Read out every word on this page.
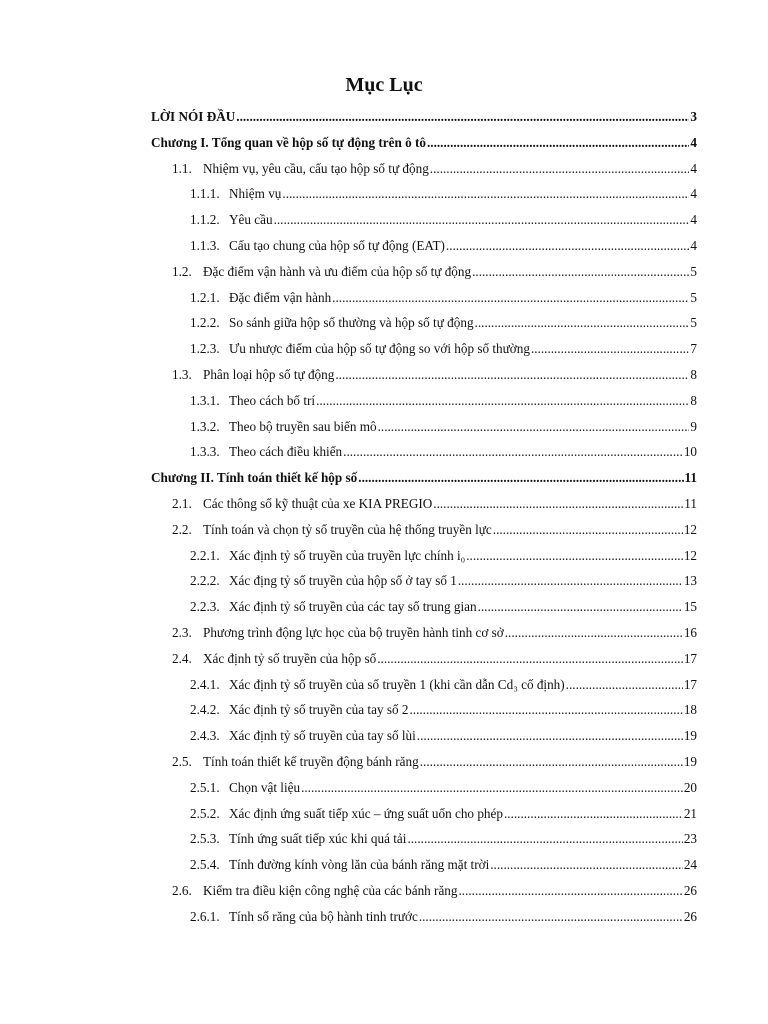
Mục Lục
LỜI NÓI ĐẦU .....	3
Chương I. Tổng quan về hộp số tự động trên ô tô .....	4
1.1. Nhiệm vụ, yêu cầu, cấu tạo hộp số tự động .....	4
1.1.1. Nhiệm vụ .....	4
1.1.2. Yêu cầu .....	4
1.1.3. Cấu tạo chung của hộp số tự động (EAT) .....	4
1.2. Đặc điểm vận hành và ưu điểm của hộp số tự động .....	5
1.2.1. Đặc điểm vận hành .....	5
1.2.2. So sánh giữa hộp số thường và hộp số tự động .....	5
1.2.3. Ưu nhược điểm của hộp số tự động so với hộp số thường .....	7
1.3. Phân loại hộp số tự động .....	8
1.3.1. Theo cách bố trí .....	8
1.3.2. Theo bộ truyền sau biến mô .....	9
1.3.3. Theo cách điều khiển .....	10
Chương II. Tính toán thiết kế hộp số .....	11
2.1. Các thông số kỹ thuật của xe KIA PREGIO .....	11
2.2. Tính toán và chọn tỷ số truyền của hệ thống truyền lực .....	12
2.2.1. Xác định tỷ số truyền của truyền lực chính i₀ .....	12
2.2.2. Xác địng tỷ số truyền của hộp số ở tay số 1 .....	13
2.2.3. Xác định tỷ số truyền của các tay số trung gian .....	15
2.3. Phương trình động lực học của bộ truyền hành tinh cơ sở .....	16
2.4. Xác định tỷ số truyền của hộp số .....	17
2.4.1. Xác định tỷ số truyền của số truyền 1 (khi cần dẫn Cd₃ cố định) .....	17
2.4.2. Xác định tỷ số truyền của tay số 2 .....	18
2.4.3. Xác định tỷ số truyền của tay số lùi .....	19
2.5. Tính toán thiết kế truyền động bánh răng .....	19
2.5.1. Chọn vật liệu .....	20
2.5.2. Xác định ứng suất tiếp xúc – ứng suất uốn cho phép .....	21
2.5.3. Tính ứng suất tiếp xúc khi quá tải .....	23
2.5.4. Tính đường kính vòng lăn của bánh răng mặt trời .....	24
2.6. Kiểm tra điều kiện công nghệ của các bánh răng .....	26
2.6.1. Tính số răng của bộ hành tinh trước .....	26
